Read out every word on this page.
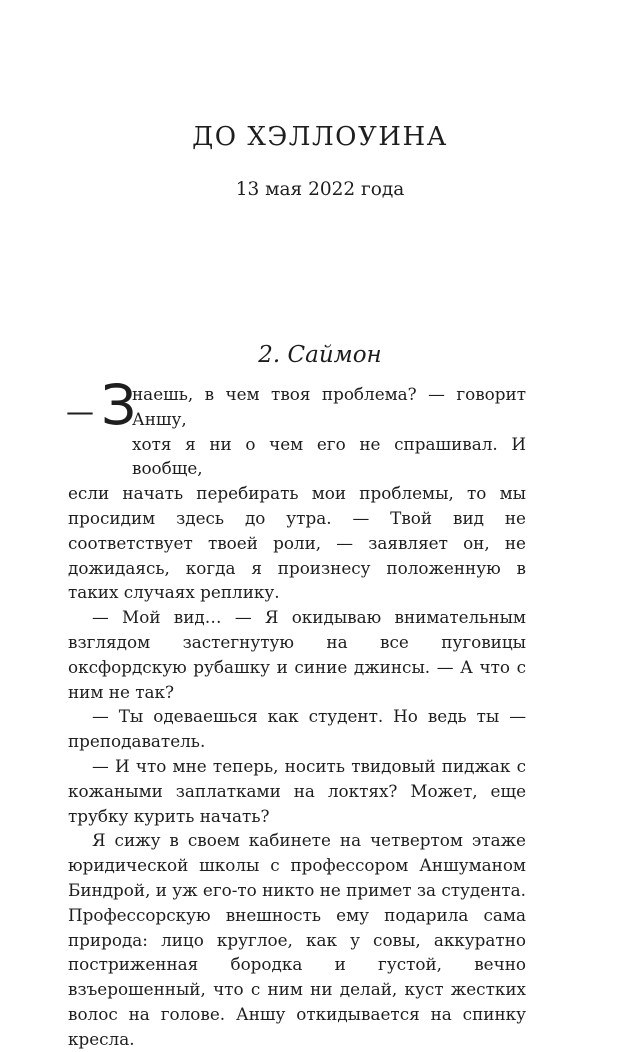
ДО ХЭЛЛОУИНА
13 мая 2022 года
2. Саймон
— З

наешь, в чем твоя проблема? — говорит Аншу,

хотя я ни о чем его не спрашивал. И вообще,

если начать перебирать мои проблемы, то мы просидим здесь до утра. — Твой вид не соответствует твоей роли, — заявляет он, не дожидаясь, когда я произнесу положенную в таких случаях реплику.

— Мой вид… — Я окидываю внимательным взглядом застегнутую на все пуговицы оксфордскую рубашку и синие джинсы. — А что с ним не так?

— Ты одеваешься как студент. Но ведь ты — преподаватель.

— И что мне теперь, носить твидовый пиджак с кожаными заплатками на локтях? Может, еще трубку курить начать?

Я сижу в своем кабинете на четвертом этаже юридической школы с профессором Аншуманом Биндрой, и уж его-то никто не примет за студента. Профессорскую внешность ему подарила сама природа: лицо круглое, как у совы, аккуратно постриженная бородка и густой, вечно взъерошенный, что с ним ни делай, куст жестких волос на голове. Аншу откидывается на спинку кресла.
